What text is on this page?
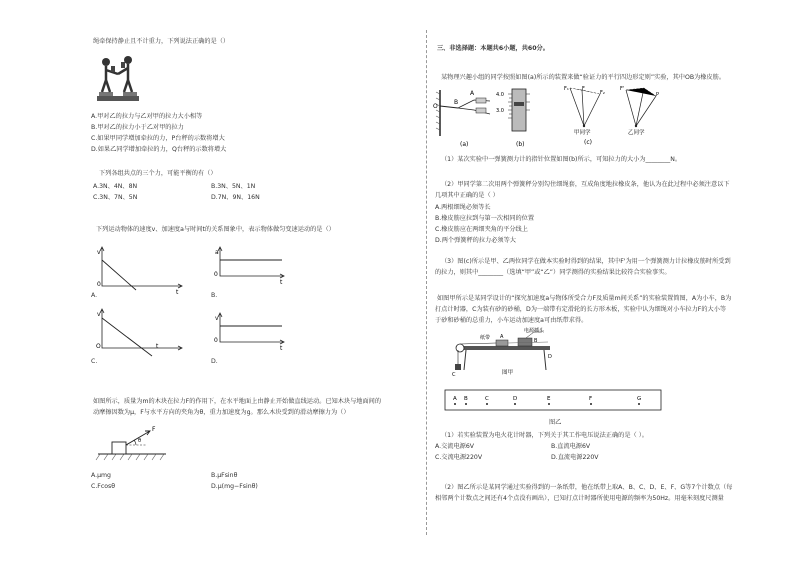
绳牵保持静止且不计重力，下列说法正确的是（）
A.甲对乙的拉力与乙对甲的拉力大小相等
B.甲对乙的拉力小于乙对甲的拉力
C.如果甲同学增加牵拉的力，P台秤的示数将增大
D.如果乙同学增加牵拉的力，Q台秤的示数将增大
下列各组共点的三个力，可能平衡的有（）
A.3N、4N、8N	B.3N、5N、1N
C.3N、7N、5N	D.7N、9N、16N
下列运动物体的速度v、加速度a与时间t的关系图象中，表示物体做匀变速运动的是（）
v
0
t
A.
a
0
t
B.
v
O	t
C.
v
0
t
D.
如图所示，质量为m的木块在拉力F的作用下，在水平地面上由静止开始做直线运动。已知木块与地面间的
动摩擦因数为μ，F与水平方向的夹角为θ，重力加速度为g。那么木块受到的滑动摩擦力为（）
F
θ
A.μmg	B.μFsinθ
C.Fcosθ	D.μ(mg−Fsinθ)
三、非选择题：本题共6小题，共60分。
某物理兴趣小组的同学按照如图(a)所示的装置来做“验证力的平行四边形定则”实验，其中OB为橡皮筋。
O
B
A
(a)
4.0
3.0
(b)
F₁	F
F₂
F'
P
甲同学	乙同学
(c)
（1）某次实验中一弹簧测力计的指针位置如图(b)所示，可知拉力的大小为________N。
（2）甲同学第二次用两个弹簧秤分别勾住细绳套，互成角度地拉橡皮条，他认为在此过程中必须注意以下
几项其中正确的是（ ）
A.两根细绳必须等长
B.橡皮筋应拉到与第一次相同的位置
C.橡皮筋应在两细夹角的平分线上
D.两个弹簧秤的拉力必须等大
（3）图(c)所示是甲、乙两位同学在做本实验时得到的结果，其中F'为用一个弹簧测力计拉橡皮筋时所受到
的拉力，则其中________（选填“甲”或“乙”）同学测得的实验结果比较符合实验事实。
如图甲所示是某同学设计的“探究加速度a与物体所受合力F及质量m间关系”的实验装置简图，A为小车，B为
打点计时器，C为装有砂的砂桶，D为一端带有定滑轮的长方形木板，实验中认为细绳对小车拉力F的大小等
于砂和砂桶的总重力，小车运动加速度a可由纸带求得。
电源插头
纸带	B
A
C
D
图甲
A B	C	D	E	F	G
图乙
（1）若实验装置为电火花计时器，下列关于其工作电压说法正确的是（ ）。
A.交流电源6V	B.直流电源6V
C.交流电源220V	D.直流电源220V
（2）图乙所示是某同学通过实验得到的一条纸带，他在纸带上取A、B、C、D、E、F、G等7个计数点（每
相邻两个计数点之间还有4个点没有画出），已知打点计时器所使用电源的频率为50Hz。用毫米刻度尺测量
